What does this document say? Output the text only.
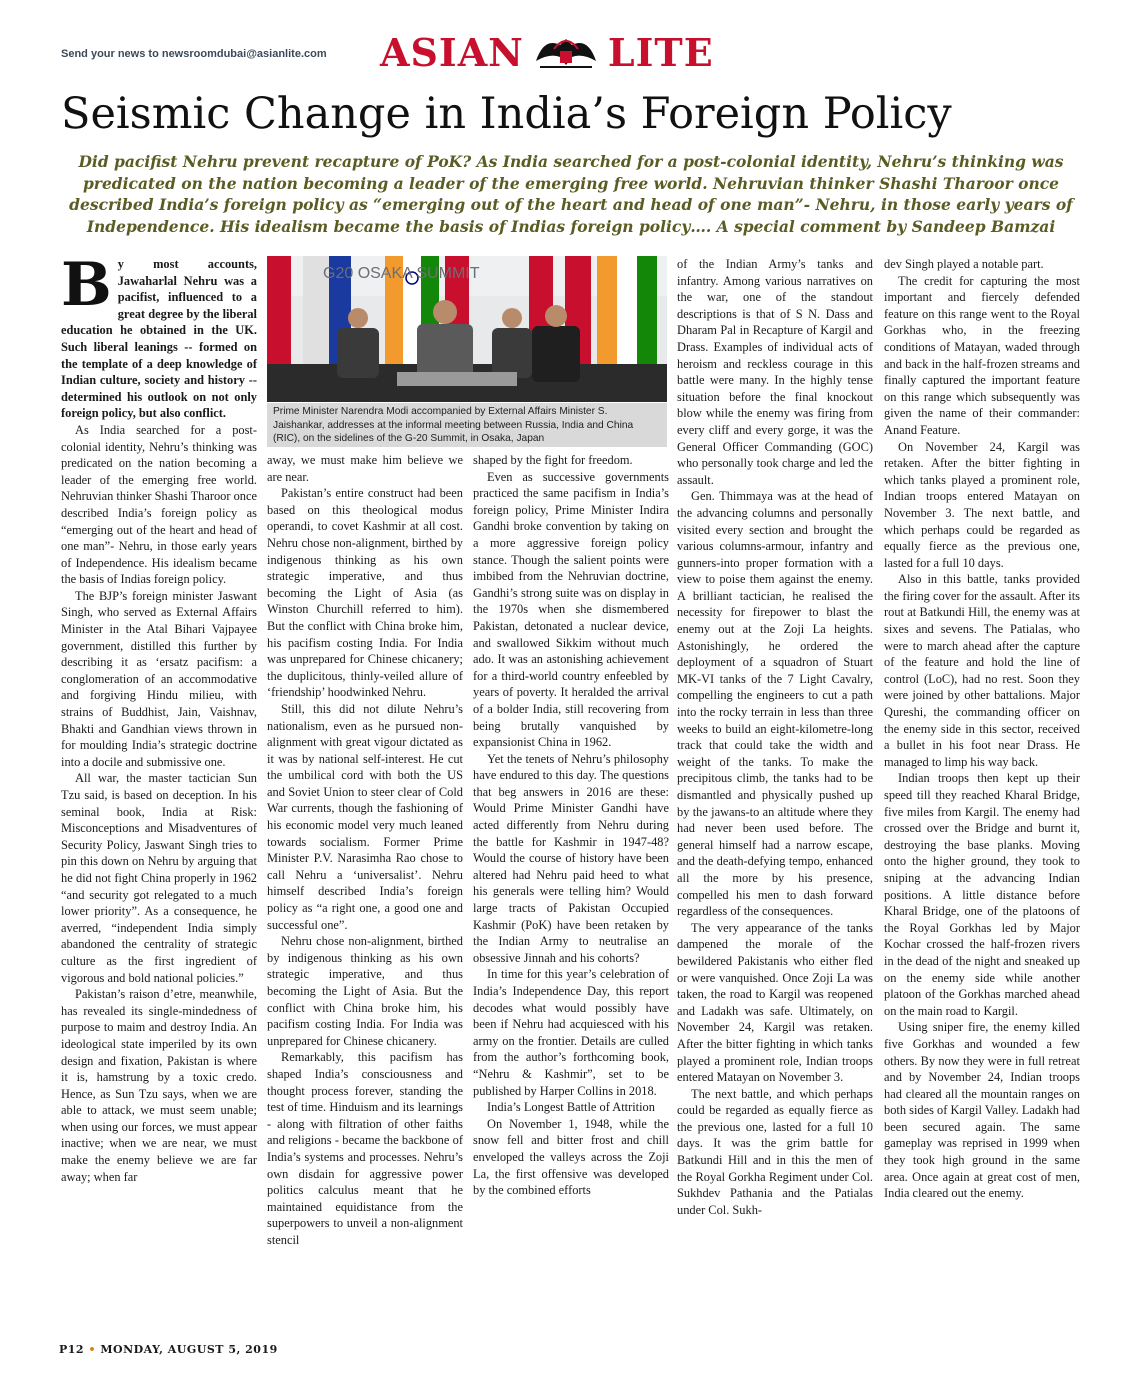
Send your news to newsroomdubai@asianlite.com ASIAN LITE
Seismic Change in India’s Foreign Policy
Did pacifist Nehru prevent recapture of PoK? As India searched for a post-colonial identity, Nehru’s thinking was predicated on the nation becoming a leader of the emerging free world. Nehruvian thinker Shashi Tharoor once described India’s foreign policy as “emerging out of the heart and head of one man”- Nehru, in those early years of Independence. His idealism became the basis of Indias foreign policy…. A special comment by Sandeep Bamzai

By most accounts, Jawaharlal Nehru was a pacifist, influenced to a great degree by the liberal education he obtained in the UK. Such liberal leanings -- formed on the template of a deep knowledge of Indian culture, society and history -- determined his outlook on not only foreign policy, but also conflict.

As India searched for a post-colonial identity, Nehru’s thinking was predicated on the nation becoming a leader of the emerging free world. Nehruvian thinker Shashi Tharoor once described India’s foreign policy as “emerging out of the heart and head of one man”- Nehru, in those early years of Independence. His idealism became the basis of Indias foreign policy.

The BJP’s foreign minister Jaswant Singh, who served as External Affairs Minister in the Atal Bihari Vajpayee government, distilled this further by describing it as ‘ersatz pacifism: a conglomeration of an accommodative and forgiving Hindu milieu, with strains of Buddhist, Jain, Vaishnav, Bhakti and Gandhian views thrown in for moulding India’s strategic doctrine into a docile and submissive one.

All war, the master tactician Sun Tzu said, is based on deception. In his seminal book, India at Risk: Misconceptions and Misadventures of Security Policy, Jaswant Singh tries to pin this down on Nehru by arguing that he did not fight China properly in 1962 “and security got relegated to a much lower priority”. As a consequence, he averred, “independent India simply abandoned the centrality of strategic culture as the first ingredient of vigorous and bold national policies.”

Pakistan’s raison d’etre, meanwhile, has revealed its single-mindedness of purpose to maim and destroy India. An ideological state imperiled by its own design and fixation, Pakistan is where it is, hamstrung by a toxic credo. Hence, as Sun Tzu says, when we are able to attack, we must seem unable; when using our forces, we must appear inactive; when we are near, we must make the enemy believe we are far away; when far

G20 OSAKA SUMMIT
Prime Minister Narendra Modi accompanied by External Affairs Minister S. Jaishankar, addresses at the informal meeting between Russia, India and China (RIC), on the sidelines of the G-20 Summit, in Osaka, Japan

away, we must make him believe we are near.

Pakistan’s entire construct had been based on this theological modus operandi, to covet Kashmir at all cost. Nehru chose non-alignment, birthed by indigenous thinking as his own strategic imperative, and thus becoming the Light of Asia (as Winston Churchill referred to him). But the conflict with China broke him, his pacifism costing India. For India was unprepared for Chinese chicanery; the duplicitous, thinly-veiled allure of ‘friendship’ hoodwinked Nehru.

Still, this did not dilute Nehru’s nationalism, even as he pursued non-alignment with great vigour dictated as it was by national self-interest. He cut the umbilical cord with both the US and Soviet Union to steer clear of Cold War currents, though the fashioning of his economic model very much leaned towards socialism. Former Prime Minister P.V. Narasimha Rao chose to call Nehru a ‘universalist’. Nehru himself described India’s foreign policy as “a right one, a good one and successful one”.

Nehru chose non-alignment, birthed by indigenous thinking as his own strategic imperative, and thus becoming the Light of Asia. But the conflict with China broke him, his pacifism costing India. For India was unprepared for Chinese chicanery.

Remarkably, this pacifism has shaped India’s consciousness and thought process forever, standing the test of time. Hinduism and its learnings - along with filtration of other faiths and religions - became the backbone of India’s systems and processes. Nehru’s own disdain for aggressive power politics calculus meant that he maintained equidistance from the superpowers to unveil a non-alignment stencil

shaped by the fight for freedom.

Even as successive governments practiced the same pacifism in India’s foreign policy, Prime Minister Indira Gandhi broke convention by taking on a more aggressive foreign policy stance. Though the salient points were imbibed from the Nehruvian doctrine, Gandhi’s strong suite was on display in the 1970s when she dismembered Pakistan, detonated a nuclear device, and swallowed Sikkim without much ado. It was an astonishing achievement for a third-world country enfeebled by years of poverty. It heralded the arrival of a bolder India, still recovering from being brutally vanquished by expansionist China in 1962.

Yet the tenets of Nehru’s philosophy have endured to this day. The questions that beg answers in 2016 are these: Would Prime Minister Gandhi have acted differently from Nehru during the battle for Kashmir in 1947-48? Would the course of history have been altered had Nehru paid heed to what his generals were telling him? Would large tracts of Pakistan Occupied Kashmir (PoK) have been retaken by the Indian Army to neutralise an obsessive Jinnah and his cohorts?

In time for this year’s celebration of India’s Independence Day, this report decodes what would possibly have been if Nehru had acquiesced with his army on the frontier. Details are culled from the author’s forthcoming book, “Nehru & Kashmir”, set to be published by Harper Collins in 2018.

India’s Longest Battle of Attrition

On November 1, 1948, while the snow fell and bitter frost and chill enveloped the valleys across the Zoji La, the first offensive was developed by the combined efforts

of the Indian Army’s tanks and infantry. Among various narratives on the war, one of the standout descriptions is that of S N. Dass and Dharam Pal in Recapture of Kargil and Drass. Examples of individual acts of heroism and reckless courage in this battle were many. In the highly tense situation before the final knockout blow while the enemy was firing from every cliff and every gorge, it was the General Officer Commanding (GOC) who personally took charge and led the assault.

Gen. Thimmaya was at the head of the advancing columns and personally visited every section and brought the various columns-armour, infantry and gunners-into proper formation with a view to poise them against the enemy. A brilliant tactician, he realised the necessity for firepower to blast the enemy out at the Zoji La heights. Astonishingly, he ordered the deployment of a squadron of Stuart MK-VI tanks of the 7 Light Cavalry, compelling the engineers to cut a path into the rocky terrain in less than three weeks to build an eight-kilometre-long track that could take the width and weight of the tanks. To make the precipitous climb, the tanks had to be dismantled and physically pushed up by the jawans-to an altitude where they had never been used before. The general himself had a narrow escape, and the death-defying tempo, enhanced all the more by his presence, compelled his men to dash forward regardless of the consequences.

The very appearance of the tanks dampened the morale of the bewildered Pakistanis who either fled or were vanquished. Once Zoji La was taken, the road to Kargil was reopened and Ladakh was safe. Ultimately, on November 24, Kargil was retaken. After the bitter fighting in which tanks played a prominent role, Indian troops entered Matayan on November 3.

The next battle, and which perhaps could be regarded as equally fierce as the previous one, lasted for a full 10 days. It was the grim battle for Batkundi Hill and in this the men of the Royal Gorkha Regiment under Col. Sukhdev Pathania and the Patialas under Col. Sukh-

dev Singh played a notable part.

The credit for capturing the most important and fiercely defended feature on this range went to the Royal Gorkhas who, in the freezing conditions of Matayan, waded through and back in the half-frozen streams and finally captured the important feature on this range which subsequently was given the name of their commander: Anand Feature.

On November 24, Kargil was retaken. After the bitter fighting in which tanks played a prominent role, Indian troops entered Matayan on November 3. The next battle, and which perhaps could be regarded as equally fierce as the previous one, lasted for a full 10 days.

Also in this battle, tanks provided the firing cover for the assault. After its rout at Batkundi Hill, the enemy was at sixes and sevens. The Patialas, who were to march ahead after the capture of the feature and hold the line of control (LoC), had no rest. Soon they were joined by other battalions. Major Qureshi, the commanding officer on the enemy side in this sector, received a bullet in his foot near Drass. He managed to limp his way back.

Indian troops then kept up their speed till they reached Kharal Bridge, five miles from Kargil. The enemy had crossed over the Bridge and burnt it, destroying the base planks. Moving onto the higher ground, they took to sniping at the advancing Indian positions. A little distance before Kharal Bridge, one of the platoons of the Royal Gorkhas led by Major Kochar crossed the half-frozen rivers in the dead of the night and sneaked up on the enemy side while another platoon of the Gorkhas marched ahead on the main road to Kargil.

Using sniper fire, the enemy killed five Gorkhas and wounded a few others. By now they were in full retreat and by November 24, Indian troops had cleared all the mountain ranges on both sides of Kargil Valley. Ladakh had been secured again. The same gameplay was reprised in 1999 when they took high ground in the same area. Once again at great cost of men, India cleared out the enemy.

P12 • MONDAY, AUGUST 5, 2019
